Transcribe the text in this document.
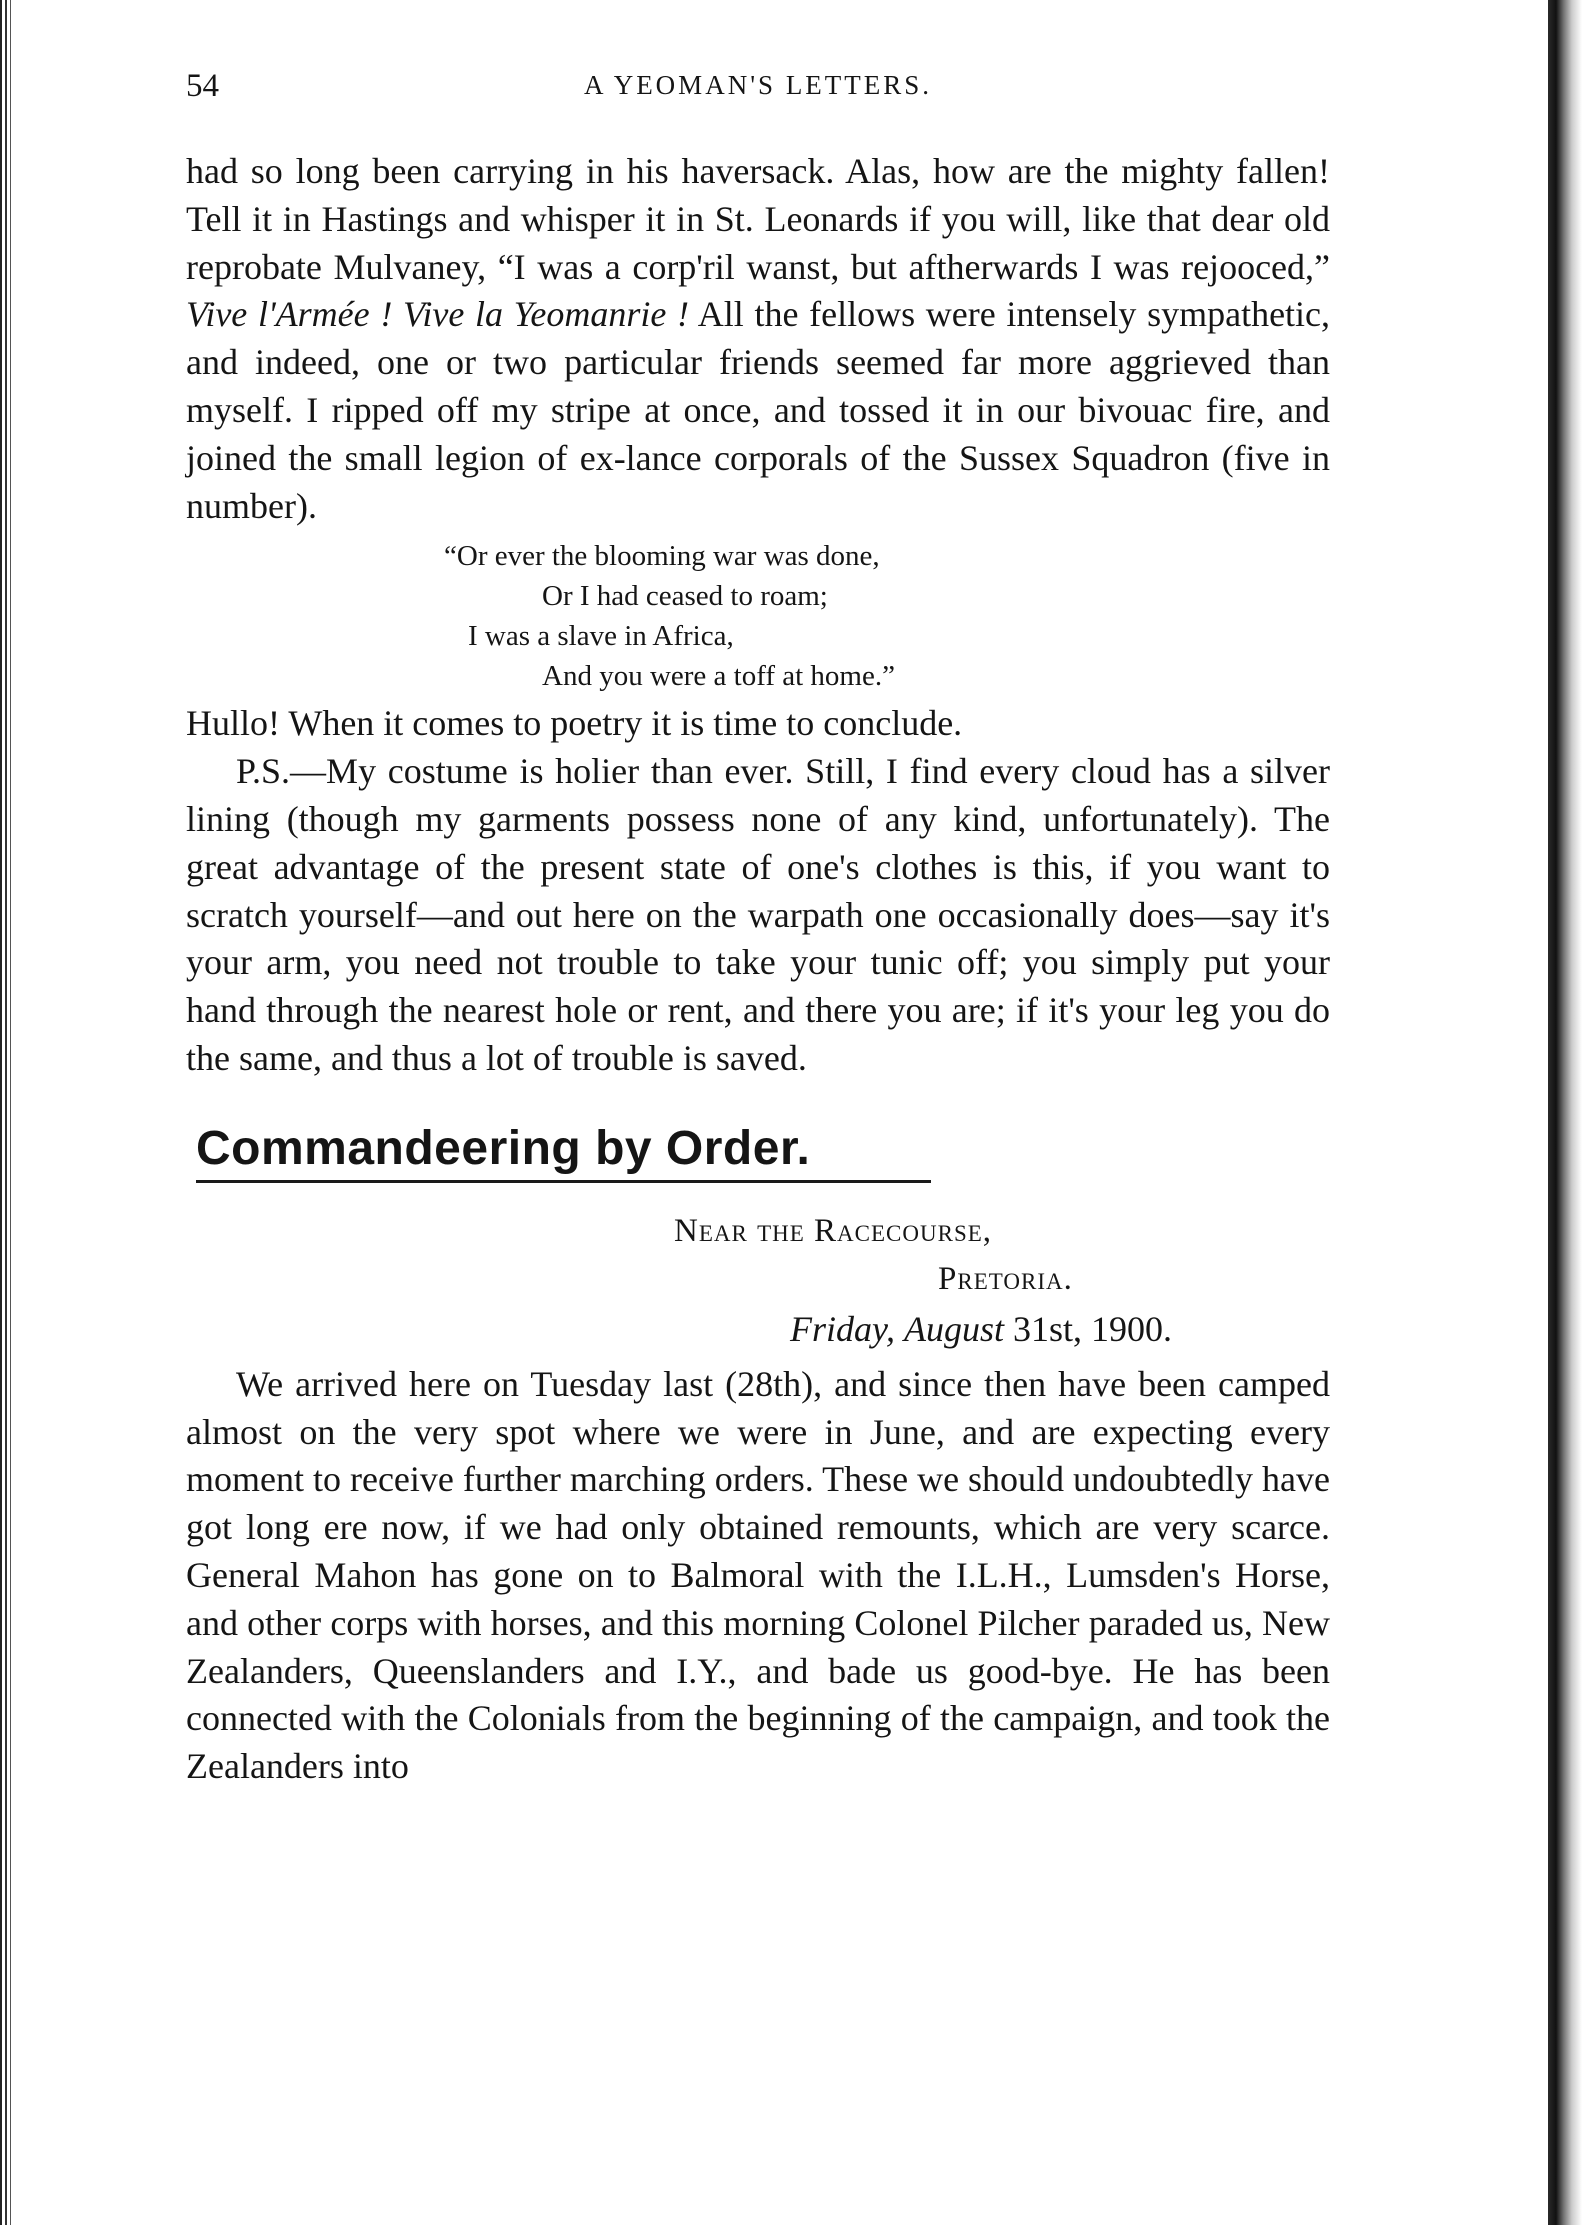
54	A YEOMAN'S LETTERS.

had so long been carrying in his haversack. Alas, how are the mighty fallen! Tell it in Hastings and whisper it in St. Leonards if you will, like that dear old reprobate Mulvaney, “I was a corp'ril wanst, but aftherwards I was rejooced,” Vive l'Armée ! Vive la Yeomanrie ! All the fellows were intensely sympathetic, and indeed, one or two particular friends seemed far more aggrieved than myself. I ripped off my stripe at once, and tossed it in our bivouac fire, and joined the small legion of ex-lance corporals of the Sussex Squadron (five in number).

“Or ever the blooming war was done,
Or I had ceased to roam;
I was a slave in Africa,
And you were a toff at home.”

Hullo! When it comes to poetry it is time to conclude.

P.S.—My costume is holier than ever. Still, I find every cloud has a silver lining (though my garments possess none of any kind, unfortunately). The great advantage of the present state of one's clothes is this, if you want to scratch yourself—and out here on the warpath one occasionally does—say it's your arm, you need not trouble to take your tunic off; you simply put your hand through the nearest hole or rent, and there you are; if it's your leg you do the same, and thus a lot of trouble is saved.

Commandeering by Order.
Near the Racecourse,
Pretoria.
Friday, August 31st, 1900.

We arrived here on Tuesday last (28th), and since then have been camped almost on the very spot where we were in June, and are expecting every moment to receive further marching orders. These we should undoubtedly have got long ere now, if we had only obtained remounts, which are very scarce. General Mahon has gone on to Balmoral with the I.L.H., Lumsden's Horse, and other corps with horses, and this morning Colonel Pilcher paraded us, New Zealanders, Queenslanders and I.Y., and bade us good-bye. He has been connected with the Colonials from the beginning of the campaign, and took the Zealanders into
